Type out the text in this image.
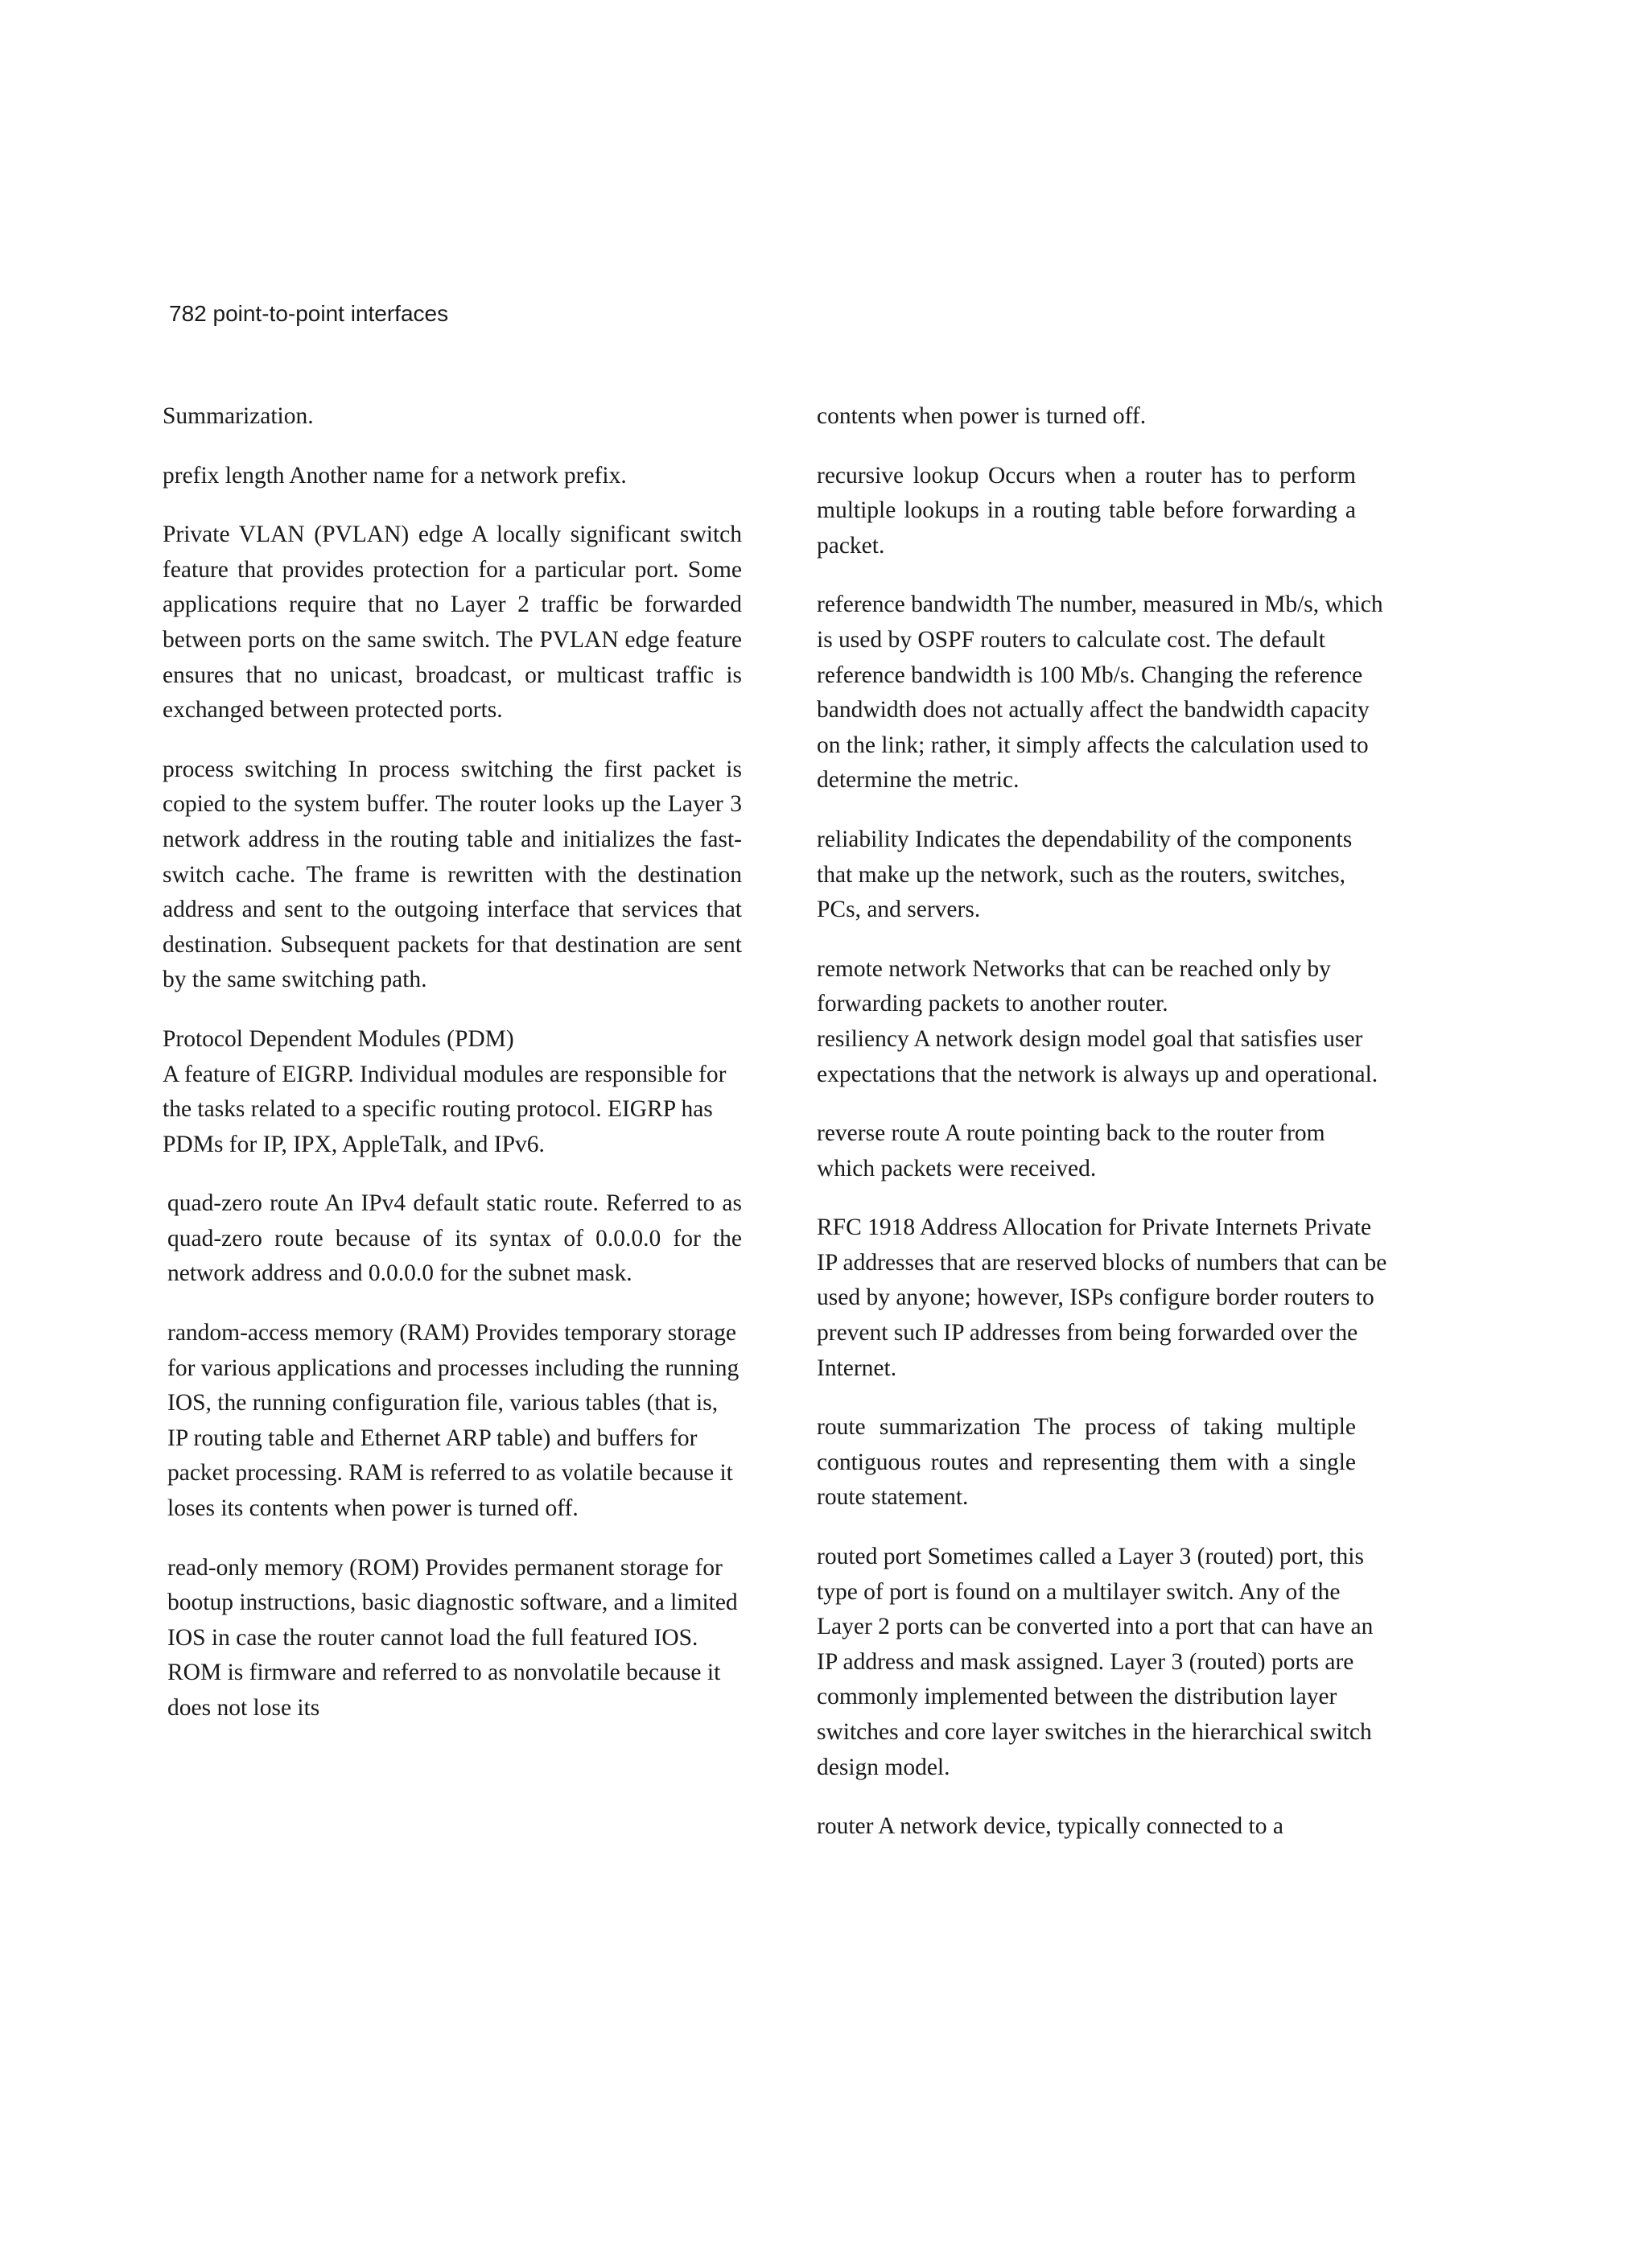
782 point-to-point interfaces

Summarization.

prefix length Another name for a network prefix.

Private VLAN (PVLAN) edge A locally significant switch feature that provides protection for a particular port. Some applications require that no Layer 2 traffic be forwarded between ports on the same switch. The PVLAN edge feature ensures that no unicast, broadcast, or multicast traffic is exchanged between protected ports.

process switching In process switching the first packet is copied to the system buffer. The router looks up the Layer 3 network address in the routing table and initializes the fast-switch cache. The frame is rewritten with the destination address and sent to the outgoing interface that services that destination. Subsequent packets for that destination are sent by the same switching path.

Protocol Dependent Modules (PDM)

A feature of EIGRP. Individual modules are responsible for the tasks related to a specific routing protocol. EIGRP has PDMs for IP, IPX, AppleTalk, and IPv6.

quad-zero route An IPv4 default static route. Referred to as quad-zero route because of its syntax of 0.0.0.0 for the network address and 0.0.0.0 for the subnet mask.

random-access memory (RAM) Provides temporary storage for various applications and processes including the running IOS, the running configuration file, various tables (that is, IP routing table and Ethernet ARP table) and buffers for packet processing. RAM is referred to as volatile because it loses its contents when power is turned off.

read-only memory (ROM) Provides permanent storage for bootup instructions, basic diagnostic software, and a limited IOS in case the router cannot load the full featured IOS. ROM is firmware and referred to as nonvolatile because it does not lose its

contents when power is turned off.

recursive lookup Occurs when a router has to perform multiple lookups in a routing table before forwarding a packet.

reference bandwidth The number, measured in Mb/s, which is used by OSPF routers to calculate cost. The default reference bandwidth is 100 Mb/s. Changing the reference bandwidth does not actually affect the bandwidth capacity on the link; rather, it simply affects the calculation used to determine the metric.

reliability Indicates the dependability of the components that make up the network, such as the routers, switches, PCs, and servers.

remote network Networks that can be reached only by forwarding packets to another router.

resiliency A network design model goal that satisfies user expectations that the network is always up and operational.

reverse route A route pointing back to the router from which packets were received.

RFC 1918 Address Allocation for Private Internets Private IP addresses that are reserved blocks of numbers that can be used by anyone; however, ISPs configure border routers to prevent such IP addresses from being forwarded over the Internet.

route summarization The process of taking multiple contiguous routes and representing them with a single route statement.

routed port Sometimes called a Layer 3 (routed) port, this type of port is found on a multilayer switch. Any of the Layer 2 ports can be converted into a port that can have an IP address and mask assigned. Layer 3 (routed) ports are commonly implemented between the distribution layer switches and core layer switches in the hierarchical switch design model.

router A network device, typically connected to a
